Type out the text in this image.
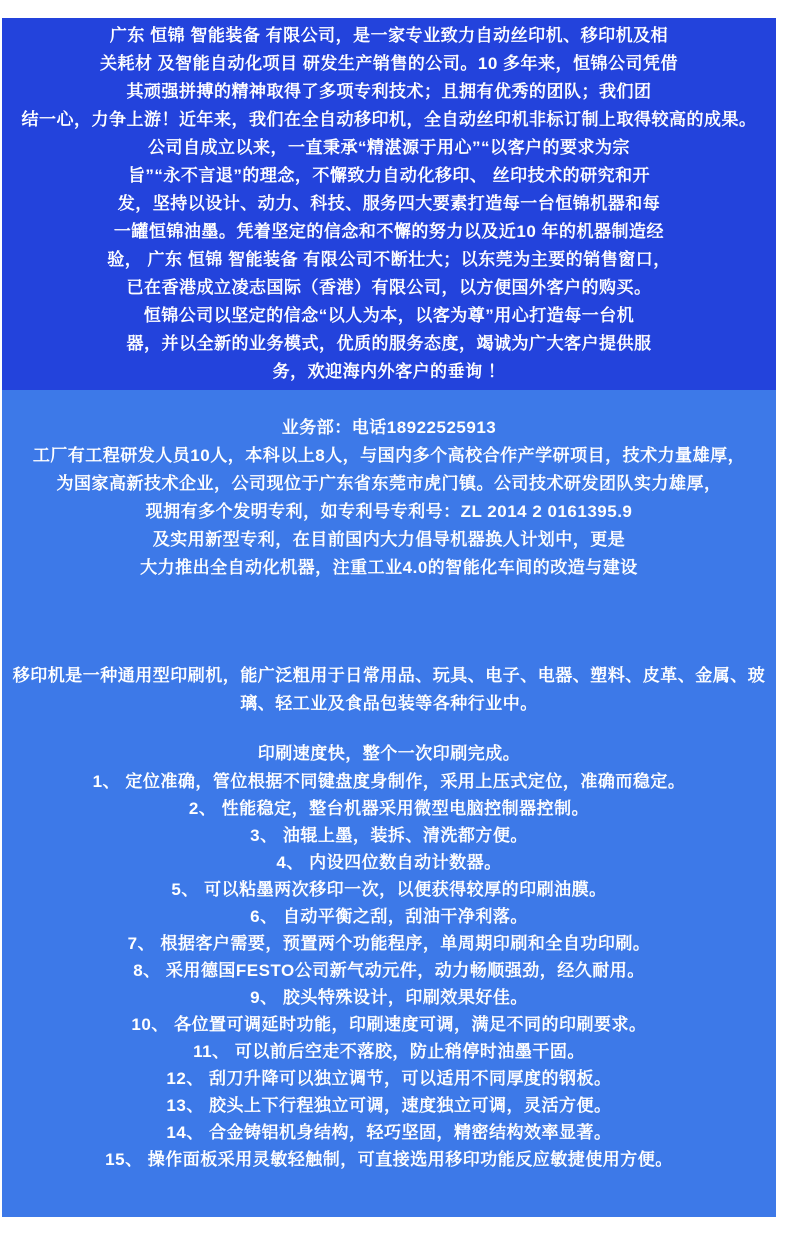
广东 恒锦 智能装备 有限公司，是一家专业致力自动丝印机、移印机及相
关耗材 及智能自动化项目 研发生产销售的公司。10 多年来，恒锦公司凭借
其顽强拼搏的精神取得了多项专利技术；且拥有优秀的团队；我们团
结一心，力争上游！近年来，我们在全自动移印机，全自动丝印机非标订制上取得较高的成果。
公司自成立以来，一直秉承“精湛源于用心”“以客户的要求为宗
旨”“永不言退”的理念，不懈致力自动化移印、 丝印技术的研究和开
发，坚持以设计、动力、科技、服务四大要素打造每一台恒锦机器和每
一罐恒锦油墨。凭着坚定的信念和不懈的努力以及近10 年的机器制造经
验， 广东 恒锦 智能装备 有限公司不断壮大；以东莞为主要的销售窗口，
已在香港成立凌志国际（香港）有限公司，以方便国外客户的购买。
恒锦公司以坚定的信念“以人为本，以客为尊”用心打造每一台机
器，并以全新的业务模式，优质的服务态度，竭诚为广大客户提供服
务，欢迎海内外客户的垂询 ！
业务部：电话18922525913
工厂有工程研发人员10人，本科以上8人，与国内多个高校合作产学研项目，技术力量雄厚，
为国家高新技术企业，公司现位于广东省东莞市虎门镇。公司技术研发团队实力雄厚，
现拥有多个发明专利，如专利号专利号：ZL 2014 2 0161395.9
及实用新型专利，在目前国内大力倡导机器换人计划中，更是
大力推出全自动化机器，注重工业4.0的智能化车间的改造与建设
移印机是一种通用型印刷机，能广泛粗用于日常用品、玩具、电子、电器、塑料、皮革、金属、玻
璃、轻工业及食品包装等各种行业中。
印刷速度快，整个一次印刷完成。
1、 定位准确，管位根据不同键盘度身制作，采用上压式定位，准确而稳定。
2、 性能稳定，整台机器采用微型电脑控制器控制。
3、 油辊上墨，装拆、清洗都方便。
4、 内设四位数自动计数器。
5、 可以粘墨两次移印一次，以便获得较厚的印刷油膜。
6、 自动平衡之刮，刮油干净利落。
7、 根据客户需要，预置两个功能程序，单周期印刷和全自功印刷。
8、 采用德国FESTO公司新气动元件，动力畅顺强劲，经久耐用。
9、 胶头特殊设计，印刷效果好佳。
10、 各位置可调延时功能，印刷速度可调，满足不同的印刷要求。
11、 可以前后空走不落胶，防止稍停时油墨干固。
12、 刮刀升降可以独立调节，可以适用不同厚度的钢板。
13、 胶头上下行程独立可调，速度独立可调，灵活方便。
14、 合金铸铝机身结构，轻巧坚固，精密结构效率显著。
15、 操作面板采用灵敏轻触制，可直接选用移印功能反应敏捷使用方便。
